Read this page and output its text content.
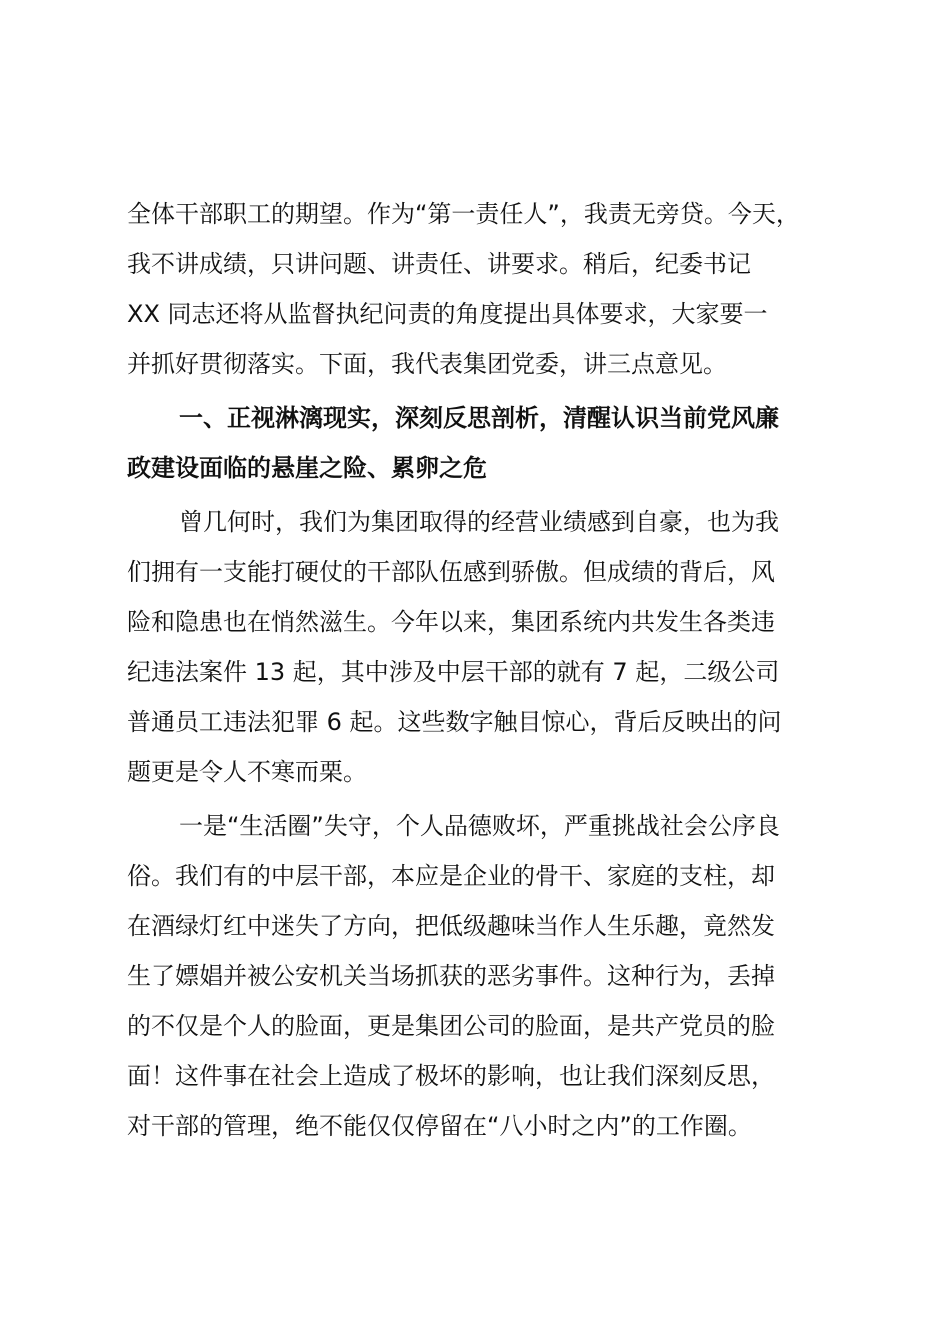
全体干部职工的期望。作为“第一责任人”，我责无旁贷。今天，
我不讲成绩，只讲问题、讲责任、讲要求。稍后，纪委书记
XX 同志还将从监督执纪问责的角度提出具体要求，大家要一
并抓好贯彻落实。下面，我代表集团党委，讲三点意见。
一、正视淋漓现实，深刻反思剖析，清醒认识当前党风廉
政建设面临的悬崖之险、累卵之危
曾几何时，我们为集团取得的经营业绩感到自豪，也为我
们拥有一支能打硬仗的干部队伍感到骄傲。但成绩的背后，风
险和隐患也在悄然滋生。今年以来，集团系统内共发生各类违
纪违法案件 13 起，其中涉及中层干部的就有 7 起，二级公司
普通员工违法犯罪 6 起。这些数字触目惊心，背后反映出的问
题更是令人不寒而栗。
一是“生活圈”失守，个人品德败坏，严重挑战社会公序良
俗。我们有的中层干部，本应是企业的骨干、家庭的支柱，却
在酒绿灯红中迷失了方向，把低级趣味当作人生乐趣，竟然发
生了嫖娼并被公安机关当场抓获的恶劣事件。这种行为，丢掉
的不仅是个人的脸面，更是集团公司的脸面，是共产党员的脸
面！这件事在社会上造成了极坏的影响，也让我们深刻反思，
对干部的管理，绝不能仅仅停留在“八小时之内”的工作圈。
